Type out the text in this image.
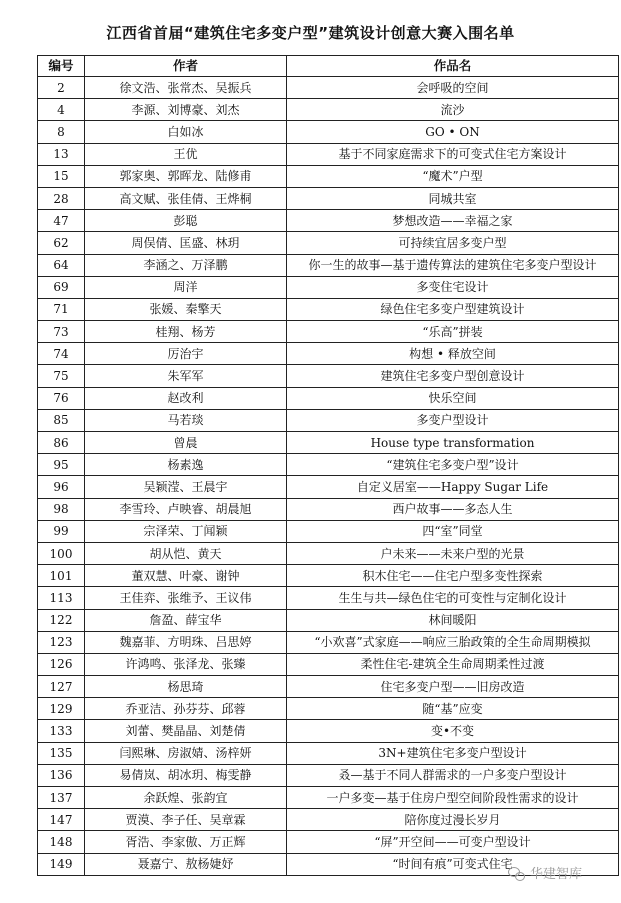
江西省首届“建筑住宅多变户型”建筑设计创意大赛入围名单
编号	作者	作品名
2	徐文浩、张常杰、吴振兵	会呼吸的空间
4	李源、刘博豪、刘杰	流沙
8	白如冰	GO • ON
13	王优	基于不同家庭需求下的可变式住宅方案设计
15	郭家奥、郭晖龙、陆修甫	“魔术”户型
28	高文赋、张佳倩、王烨桐	同城共室
47	彭聪	梦想改造——幸福之家
62	周俣倩、匡盛、林玥	可持续宜居多变户型
64	李涵之、万泽鹏	你一生的故事—基于遗传算法的建筑住宅多变户型设计
69	周洋	多变住宅设计
71	张媛、秦擎天	绿色住宅多变户型建筑设计
73	桂翔、杨芳	“乐高”拼装
74	厉治宇	构想 • 释放空间
75	朱军军	建筑住宅多变户型创意设计
76	赵改利	快乐空间
85	马若琰	多变户型设计
86	曾晨	House type transformation
95	杨素逸	“建筑住宅多变户型”设计
96	吴颖滢、王晨宇	自定义居室——Happy Sugar Life
98	李雪玲、卢映睿、胡晨旭	西户故事——多态人生
99	宗泽荣、丁闻颖	四“室”同堂
100	胡从恺、黄天	户未来——未来户型的光景
101	董双慧、叶豪、谢钟	积木住宅——住宅户型多变性探索
113	王佳弈、张维予、王议伟	生生与共—绿色住宅的可变性与定制化设计
122	詹盈、薛宝华	林间暖阳
123	魏嘉菲、方明珠、吕思婷	“小欢喜”式家庭——响应三胎政策的全生命周期模拟
126	许鸿鸣、张泽龙、张臻	柔性住宅-建筑全生命周期柔性过渡
127	杨思琦	住宅多变户型——旧房改造
129	乔亚洁、孙芬芬、邱蓉	随“基”应变
133	刘蕾、樊晶晶、刘楚倩	变•不变
135	闫熙琳、房淑婧、汤梓妍	3N+建筑住宅多变户型设计
136	易倩岚、胡冰玥、梅雯静	叒—基于不同人群需求的一户多变户型设计
137	余跃煌、张韵宜	一户多变—基于住房户型空间阶段性需求的设计
147	贾漠、李子任、吴章霖	陪你度过漫长岁月
148	胥浩、李家傲、万正辉	“屏”开空间——可变户型设计
149	聂嘉宁、敖杨婕妤	“时间有痕”可变式住宅
华建智库
